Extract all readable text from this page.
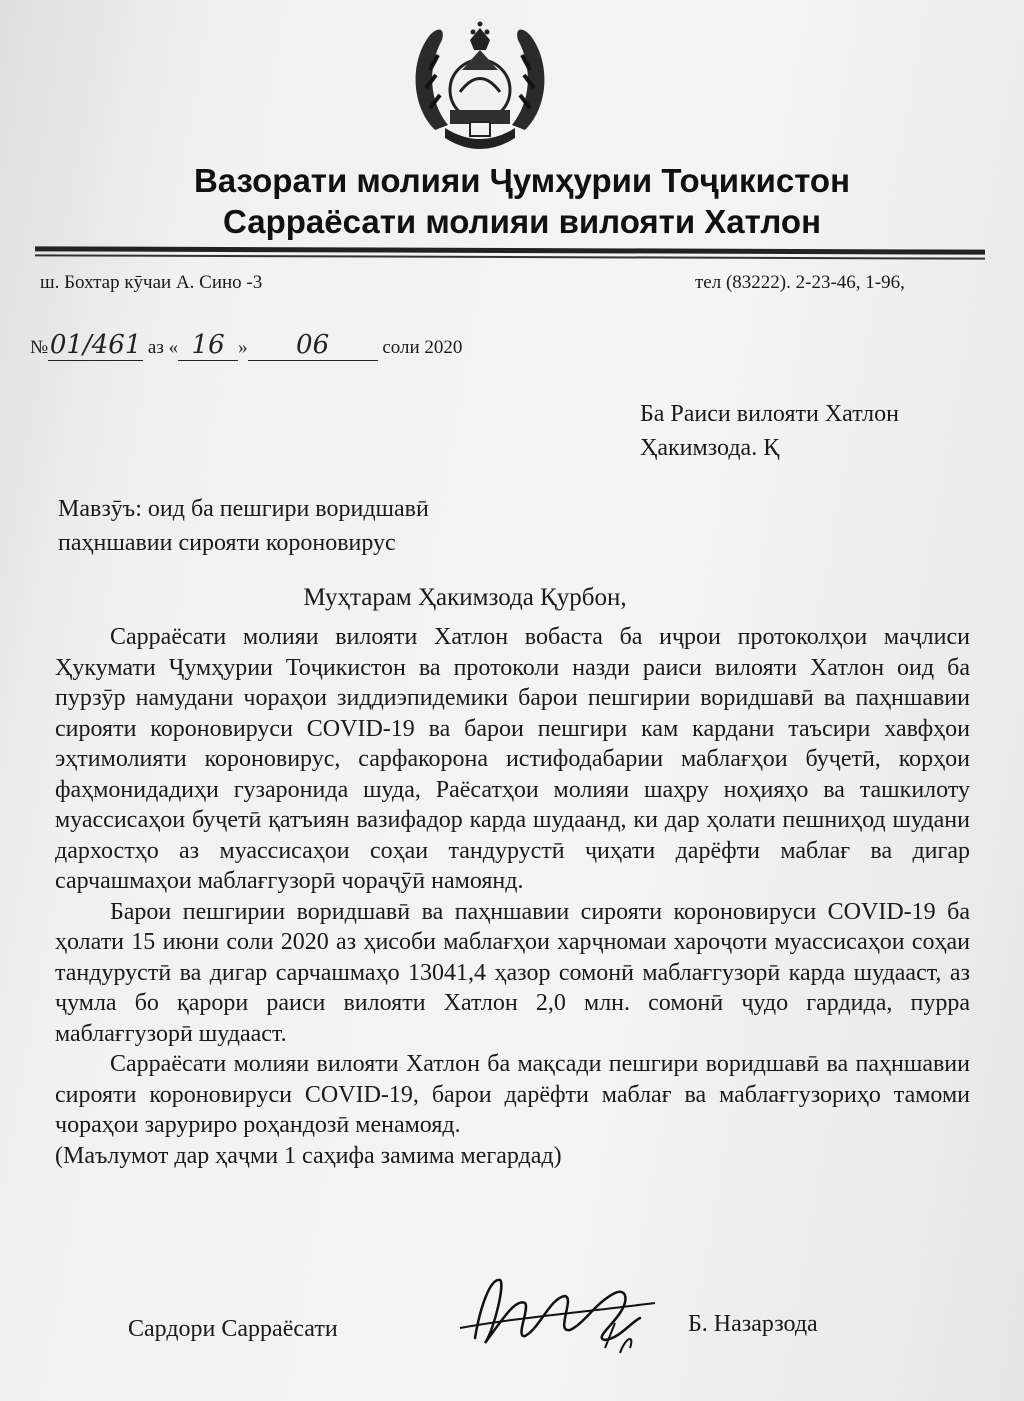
Вазорати молияи Ҷумҳурии Тоҷикистон
Сарраёсати молияи вилояти Хатлон
ш. Бохтар кӯчаи А. Сино -3	тел (83222). 2-23-46, 1-96,
№01/461 аз « 16 » 06	соли 2020
Ба Раиси вилояти Хатлон
Ҳакимзода. Қ
Мавзӯъ: оид ба пешгири воридшавӣ
паҳншавии сирояти короновирус
Муҳтарам Ҳакимзода Қурбон,

Сарраёсати молияи вилояти Хатлон вобаста ба иҷрои протоколҳои маҷлиси Ҳукумати Ҷумҳурии Тоҷикистон ва протоколи назди раиси вилояти Хатлон оид ба пурзӯр намудани чораҳои зиддиэпидемики барои пешгирии воридшавӣ ва паҳншавии сирояти короновируси COVID-19 ва барои пешгири кам кардани таъсири хавфҳои эҳтимолияти короновирус, сарфакорона истифодабарии маблағҳои буҷетӣ, корҳои фаҳмонидадиҳи гузаронида шуда, Раёсатҳои молияи шаҳру ноҳияҳо ва ташкилоту муассисаҳои буҷетӣ қатъиян вазифадор карда шудаанд, ки дар ҳолати пешниҳод шудани дархостҳо аз муассисаҳои соҳаи тандурустӣ ҷиҳати дарёфти маблағ ва дигар сарчашмаҳои маблағгузорӣ чораҷӯӣ намоянд.

Барои пешгирии воридшавӣ ва паҳншавии сирояти короновируси COVID-19 ба ҳолати 15 июни соли 2020 аз ҳисоби маблағҳои харҷномаи хароҷоти муассисаҳои соҳаи тандурустӣ ва дигар сарчашмаҳо 13041,4 ҳазор сомонӣ маблағгузорӣ карда шудааст, аз ҷумла бо қарори раиси вилояти Хатлон 2,0 млн. сомонӣ ҷудо гардида, пурра маблағгузорӣ шудааст.

Сарраёсати молияи вилояти Хатлон ба мақсади пешгири воридшавӣ ва паҳншавии сирояти короновируси COVID-19, барои дарёфти маблағ ва маблағгузориҳо тамоми чораҳои заруриро роҳандозӣ менамояд.

(Маълумот дар ҳаҷми 1 саҳифа замима мегардад)

Сардори Сарраёсати	Б. Назарзода
